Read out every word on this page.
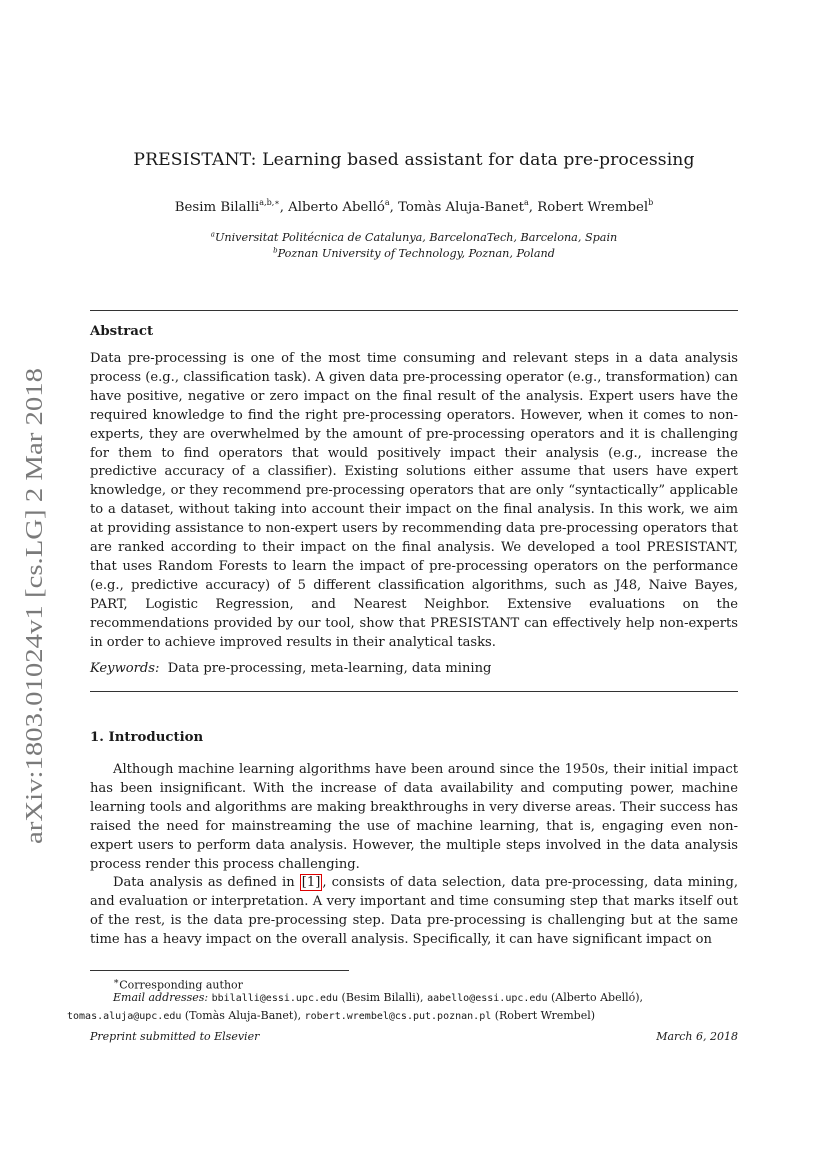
arXiv:1803.01024v1 [cs.LG] 2 Mar 2018
PRESISTANT: Learning based assistant for data pre-processing
Besim Bilalli$^{a,b,∗}$, Alberto Abelló$^a$, Tomàs Aluja-Banet$^a$, Robert Wrembel$^b$
$^a$Universitat Politécnica de Catalunya, BarcelonaTech, Barcelona, Spain
$^b$Poznan University of Technology, Poznan, Poland
Abstract
Data pre-processing is one of the most time consuming and relevant steps in a data analysis process (e.g., classification task). A given data pre-processing operator (e.g., transformation) can have positive, negative or zero impact on the final result of the analysis. Expert users have the required knowledge to find the right pre-processing operators. However, when it comes to non-experts, they are overwhelmed by the amount of pre-processing operators and it is challenging for them to find operators that would positively impact their analysis (e.g., increase the predictive accuracy of a classifier). Existing solutions either assume that users have expert knowledge, or they recommend pre-processing operators that are only “syntactically” applicable to a dataset, without taking into account their impact on the final analysis. In this work, we aim at providing assistance to non-expert users by recommending data pre-processing operators that are ranked according to their impact on the final analysis. We developed a tool PRESISTANT, that uses Random Forests to learn the impact of pre-processing operators on the performance (e.g., predictive accuracy) of 5 different classification algorithms, such as J48, Naive Bayes, PART, Logistic Regression, and Nearest Neighbor. Extensive evaluations on the recommendations provided by our tool, show that PRESISTANT can effectively help non-experts in order to achieve improved results in their analytical tasks.
Keywords: Data pre-processing, meta-learning, data mining
1. Introduction
Although machine learning algorithms have been around since the 1950s, their initial impact has been insignificant. With the increase of data availability and computing power, machine learning tools and algorithms are making breakthroughs in very diverse areas. Their success has raised the need for mainstreaming the use of machine learning, that is, engaging even non-expert users to perform data analysis. However, the multiple steps involved in the data analysis process render this process challenging.
Data analysis as defined in [1] , consists of data selection, data pre-processing, data mining, and evaluation or interpretation. A very important and time consuming step that marks itself out of the rest, is the data pre-processing step. Data pre-processing is challenging but at the same time has a heavy impact on the overall analysis. Specifically, it can have significant impact on
∗Corresponding author
Email addresses: bbilalli@essi.upc.edu (Besim Bilalli), aabello@essi.upc.edu (Alberto Abelló),
tomas.aluja@upc.edu (Tomàs Aluja-Banet), robert.wrembel@cs.put.poznan.pl (Robert Wrembel)
Preprint submitted to Elsevier	March 6, 2018
